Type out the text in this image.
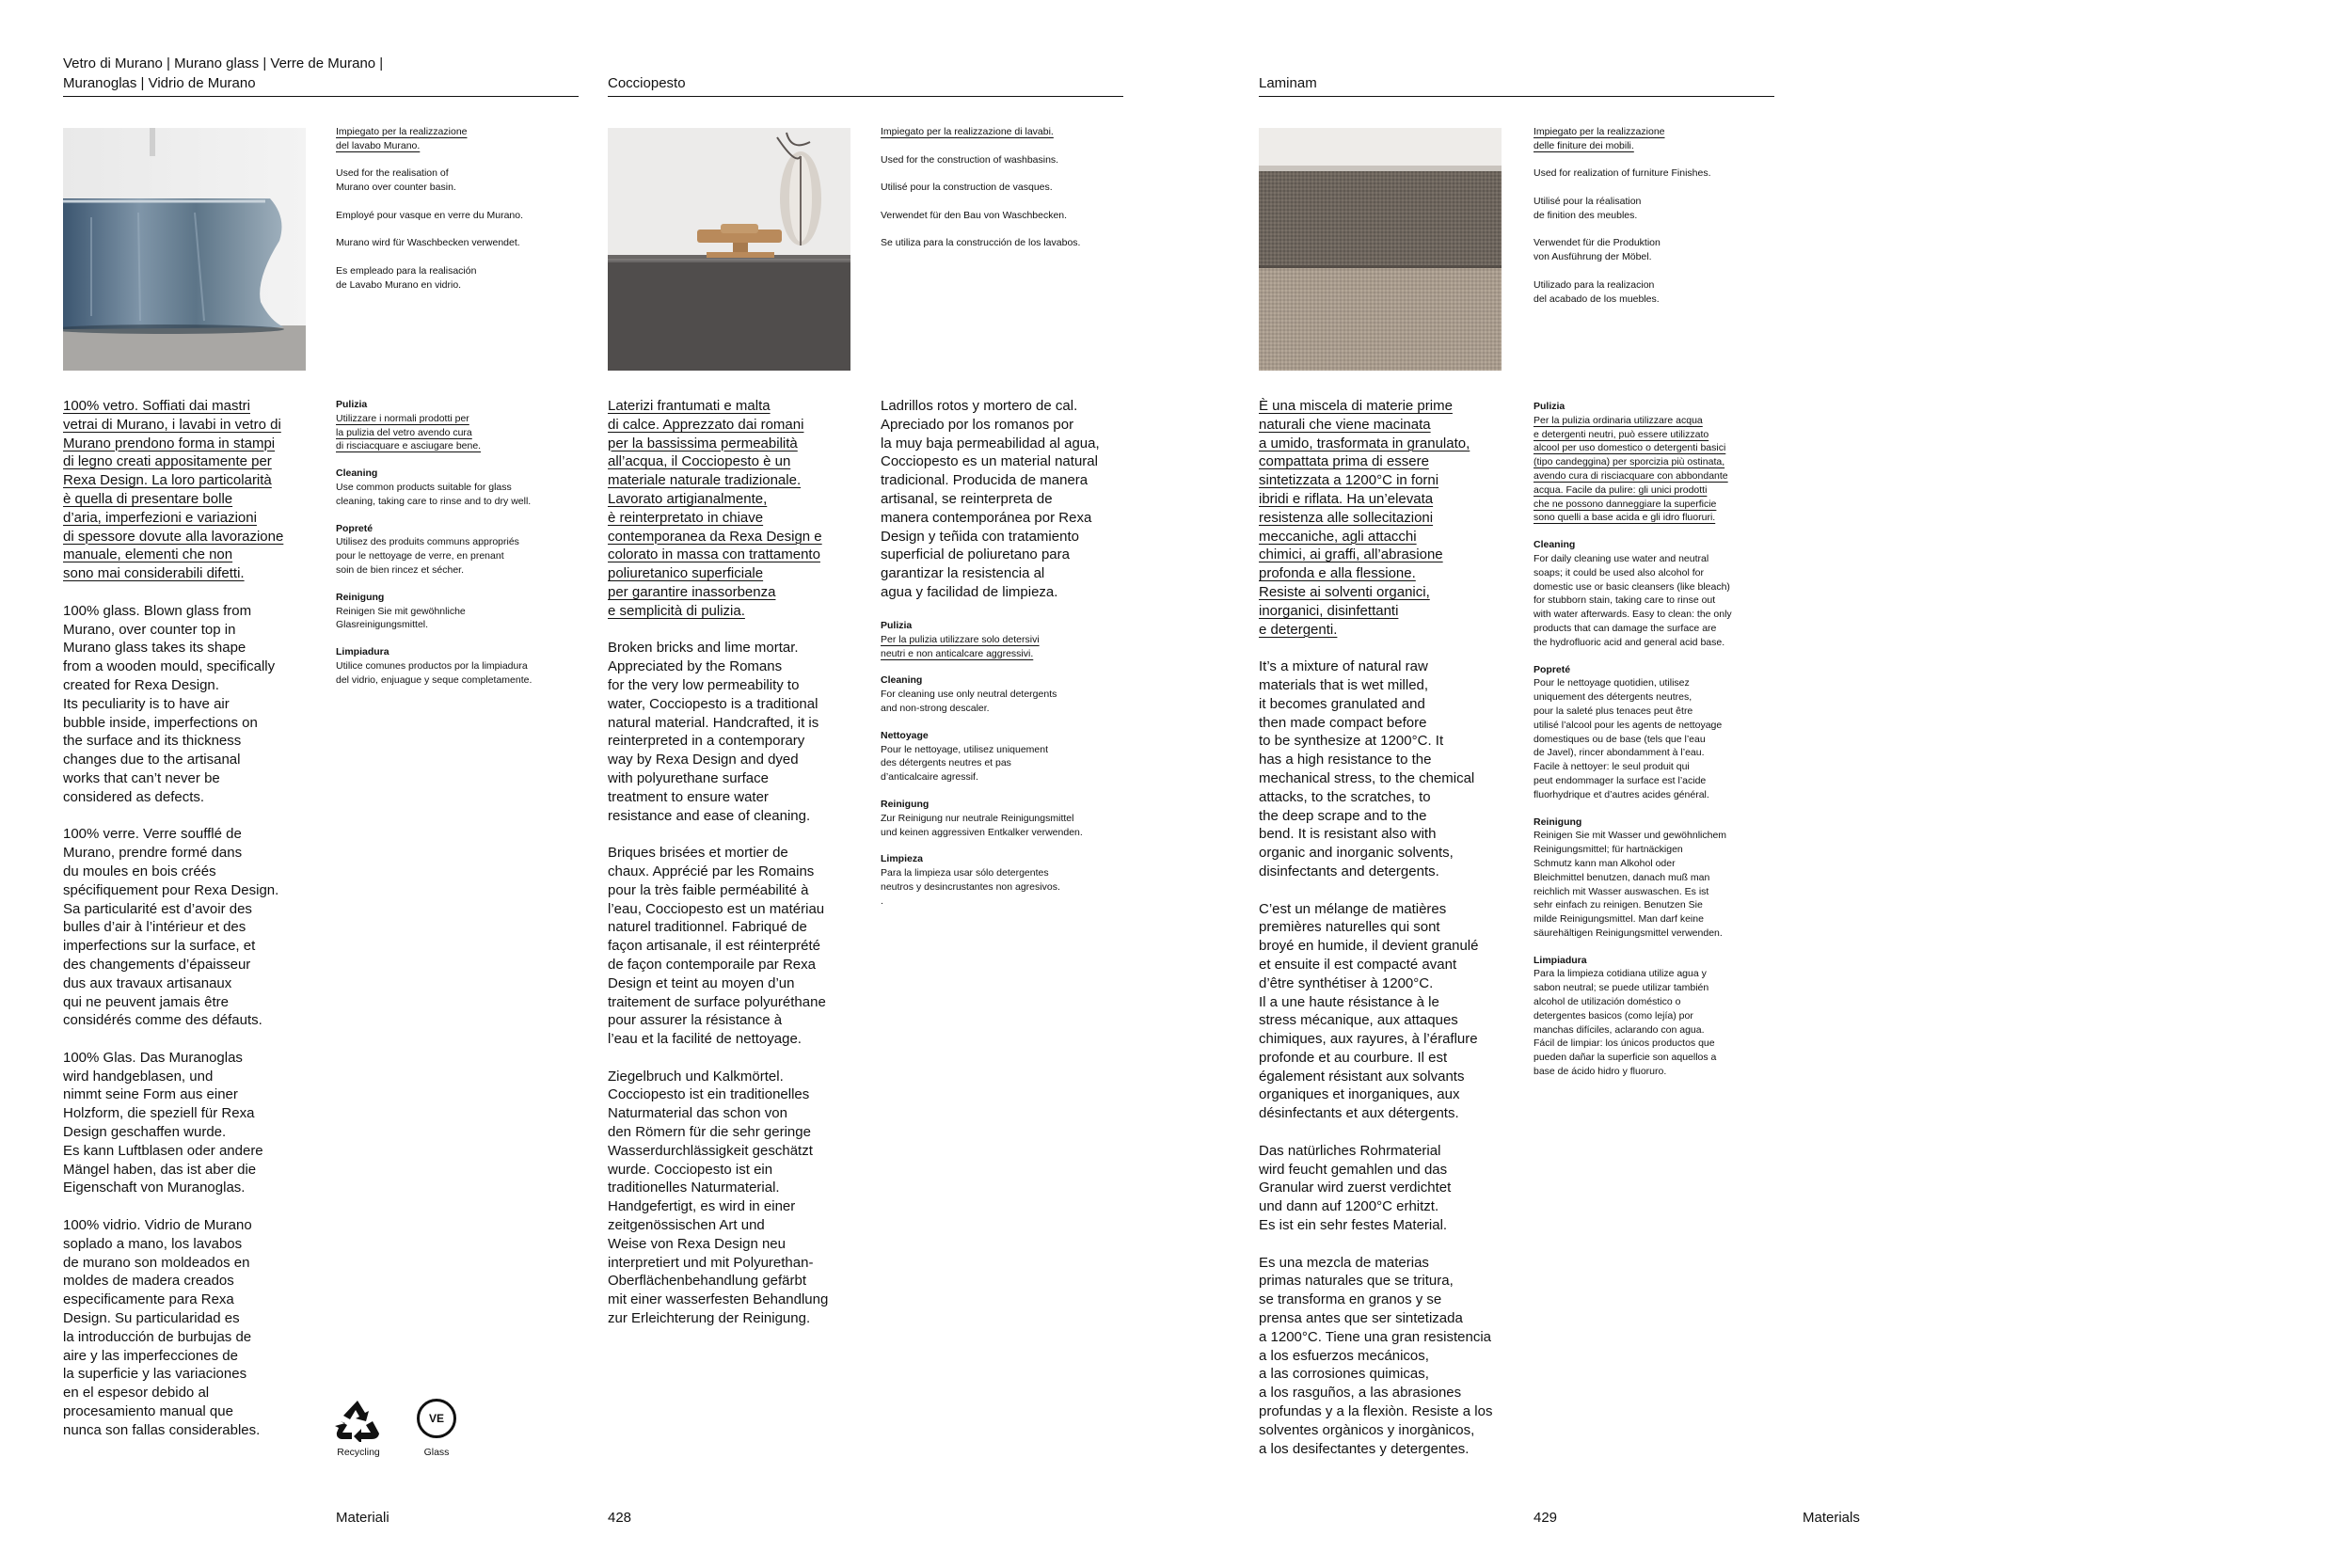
Vetro di Murano | Murano glass | Verre de Murano |
Muranoglas | Vidrio de Murano

Impiegato per la realizzazione
del lavabo Murano.

Used for the realisation of
Murano over counter basin.

Employé pour vasque en verre du Murano.

Murano wird für Waschbecken verwendet.

Es empleado para la realisación
de Lavabo Murano en vidrio.

100% vetro. Soffiati dai mastri
vetrai di Murano, i lavabi in vetro di
Murano prendono forma in stampi
di legno creati appositamente per
Rexa Design. La loro particolarità
è quella di presentare bolle
d’aria, imperfezioni e variazioni
di spessore dovute alla lavorazione
manuale, elementi che non
sono mai considerabili difetti.

100% glass. Blown glass from
Murano, over counter top in
Murano glass takes its shape
from a wooden mould, specifically
created for Rexa Design.
Its peculiarity is to have air
bubble inside, imperfections on
the surface and its thickness
changes due to the artisanal
works that can’t never be
considered as defects.

100% verre. Verre soufflé de
Murano, prendre formé dans
du moules en bois créés
spécifiquement pour Rexa Design.
Sa particularité est d’avoir des
bulles d’air à l’intérieur et des
imperfections sur la surface, et
des changements d’épaisseur
dus aux travaux artisanaux
qui ne peuvent jamais être
considérés comme des défauts.

100% Glas. Das Muranoglas
wird handgeblasen, und
nimmt seine Form aus einer
Holzform, die speziell für Rexa
Design geschaffen wurde.
Es kann Luftblasen oder andere
Mängel haben, das ist aber die
Eigenschaft von Muranoglas.

100% vidrio. Vidrio de Murano
soplado a mano, los lavabos
de murano son moldeados en
moldes de madera creados
especificamente para Rexa
Design. Su particularidad es
la introducción de burbujas de
aire y las imperfecciones de
la superficie y las variaciones
en el espesor debido al
procesamiento manual que
nunca son fallas considerables.

Pulizia
Utilizzare i normali prodotti per
la pulizia del vetro avendo cura
di risciacquare e asciugare bene.
Cleaning
Use common products suitable for glass
cleaning, taking care to rinse and to dry well.
Popreté
Utilisez des produits communs appropriés
pour le nettoyage de verre, en prenant
soin de bien rincez et sécher.
Reinigung
Reinigen Sie mit gewöhnliche
Glasreinigungsmittel.
Limpiadura
Utilice comunes productos por la limpiadura
del vidrio, enjuague y seque completamente.
Recycling
VE
Glass
Cocciopesto

Impiegato per la realizzazione di lavabi.

Used for the construction of washbasins.

Utilisé pour la construction de vasques.

Verwendet für den Bau von Waschbecken.

Se utiliza para la construcción de los lavabos.

Laterizi frantumati e malta
di calce. Apprezzato dai romani
per la bassissima permeabilità
all’acqua, il Cocciopesto è un
materiale naturale tradizionale.
Lavorato artigianalmente,
è reinterpretato in chiave
contemporanea da Rexa Design e
colorato in massa con trattamento
poliuretanico superficiale
per garantire inassorbenza
e semplicità di pulizia.

Broken bricks and lime mortar.
Appreciated by the Romans
for the very low permeability to
water, Cocciopesto is a traditional
natural material. Handcrafted, it is
reinterpreted in a contemporary
way by Rexa Design and dyed
with polyurethane surface
treatment to ensure water
resistance and ease of cleaning.

Briques brisées et mortier de
chaux. Apprécié par les Romains
pour la très faible perméabilité à
l’eau, Cocciopesto est un matériau
naturel traditionnel. Fabriqué de
façon artisanale, il est réinterprété
de façon contemporaile par Rexa
Design et teint au moyen d’un
traitement de surface polyuréthane
pour assurer la résistance à
l’eau et la facilité de nettoyage.

Ziegelbruch und Kalkmörtel.
Cocciopesto ist ein traditionelles
Naturmaterial das schon von
den Römern für die sehr geringe
Wasserdurchlässigkeit geschätzt
wurde. Cocciopesto ist ein
traditionelles Naturmaterial.
Handgefertigt, es wird in einer
zeitgenössischen Art und
Weise von Rexa Design neu
interpretiert und mit Polyurethan-
Oberflächenbehandlung gefärbt
mit einer wasserfesten Behandlung
zur Erleichterung der Reinigung.

Ladrillos rotos y mortero de cal.
Apreciado por los romanos por
la muy baja permeabilidad al agua,
Cocciopesto es un material natural
tradicional. Producida de manera
artisanal, se reinterpreta de
manera contemporánea por Rexa
Design y teñida con tratamiento
superficial de poliuretano para
garantizar la resistencia al
agua y facilidad de limpieza.

Pulizia
Per la pulizia utilizzare solo detersivi
neutri e non anticalcare aggressivi.
Cleaning
For cleaning use only neutral detergents
and non-strong descaler.
Nettoyage
Pour le nettoyage, utilisez uniquement
des détergents neutres et pas
d’anticalcaire agressif.
Reinigung
Zur Reinigung nur neutrale Reinigungsmittel
und keinen aggressiven Entkalker verwenden.
Limpieza
Para la limpieza usar sólo detergentes
neutros y desincrustantes non agresivos.
.
Laminam

Impiegato per la realizzazione
delle finiture dei mobili.

Used for realization of furniture Finishes.

Utilisé pour la réalisation
de finition des meubles.

Verwendet für die Produktion
von Ausführung der Möbel.

Utilizado para la realizacion
del acabado de los muebles.

È una miscela di materie prime
naturali che viene macinata
a umido, trasformata in granulato,
compattata prima di essere
sintetizzata a 1200°C in forni
ibridi e riflata. Ha un’elevata
resistenza alle sollecitazioni
meccaniche, agli attacchi
chimici, ai graffi, all’abrasione
profonda e alla flessione.
Resiste ai solventi organici,
inorganici, disinfettanti
e detergenti.

It’s a mixture of natural raw
materials that is wet milled,
it becomes granulated and
then made compact before
to be synthesize at 1200°C. It
has a high resistance to the
mechanical stress, to the chemical
attacks, to the scratches, to
the deep scrape and to the
bend. It is resistant also with
organic and inorganic solvents,
disinfectants and detergents.

C’est un mélange de matières
premières naturelles qui sont
broyé en humide, il devient granulé
et ensuite il est compacté avant
d’être synthétiser à 1200°C.
Il a une haute résistance à le
stress mécanique, aux attaques
chimiques, aux rayures, à l’éraflure
profonde et au courbure. Il est
également résistant aux solvants
organiques et inorganiques, aux
désinfectants et aux détergents.

Das natürliches Rohrmaterial
wird feucht gemahlen und das
Granular wird zuerst verdichtet
und dann auf 1200°C erhitzt.
Es ist ein sehr festes Material.

Es una mezcla de materias
primas naturales que se tritura,
se transforma en granos y se
prensa antes que ser sintetizada
a 1200°C. Tiene una gran resistencia
a los esfuerzos mecánicos,
a las corrosiones quimicas,
a los rasguños, a las abrasiones
profundas y a la flexiòn. Resiste a los
solventes orgànicos y inorgànicos,
a los desifectantes y detergentes.

Pulizia
Per la pulizia ordinaria utilizzare acqua
e detergenti neutri, può essere utilizzato
alcool per uso domestico o detergenti basici
(tipo candeggina) per sporcizia più ostinata,
avendo cura di risciacquare con abbondante
acqua. Facile da pulire: gli unici prodotti
che ne possono danneggiare la superficie
sono quelli a base acida e gli idro fluoruri.
Cleaning
For daily cleaning use water and neutral
soaps; it could be used also alcohol for
domestic use or basic cleansers (like bleach)
for stubborn stain, taking care to rinse out
with water afterwards. Easy to clean: the only
products that can damage the surface are
the hydrofluoric acid and general acid base.
Popreté
Pour le nettoyage quotidien, utilisez
uniquement des détergents neutres,
pour la saleté plus tenaces peut être
utilisé l’alcool pour les agents de nettoyage
domestiques ou de base (tels que l’eau
de Javel), rincer abondamment à l’eau.
Facile à nettoyer: le seul produit qui
peut endommager la surface est l’acide
fluorhydrique et d’autres acides général.
Reinigung
Reinigen Sie mit Wasser und gewöhnlichem
Reinigungsmittel; für hartnäckigen
Schmutz kann man Alkohol oder
Bleichmittel benutzen, danach muß man
reichlich mit Wasser auswaschen. Es ist
sehr einfach zu reinigen. Benutzen Sie
milde Reinigungsmittel. Man darf keine
säurehältigen Reinigungsmittel verwenden.
Limpiadura
Para la limpieza cotidiana utilize agua y
sabon neutral; se puede utilizar también
alcohol de utilización doméstico o
detergentes basicos (como lejía) por
manchas difíciles, aclarando con agua.
Fácil de limpiar: los únicos productos que
pueden dañar la superficie son aquellos a
base de ácido hidro y fluoruro.
Materiali	428	429	Materials
